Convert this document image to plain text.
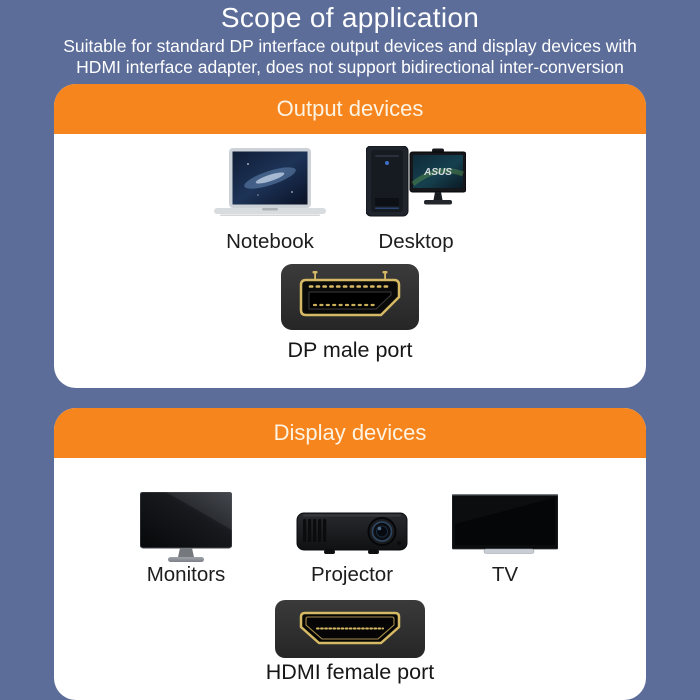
Scope of application
Suitable for standard DP interface output devices and display devices with
HDMI interface adapter, does not support bidirectional inter-conversion
Output devices
ASUS
Notebook	Desktop
DP male port
Display devices
Monitors	Projector	TV
HDMI female port
